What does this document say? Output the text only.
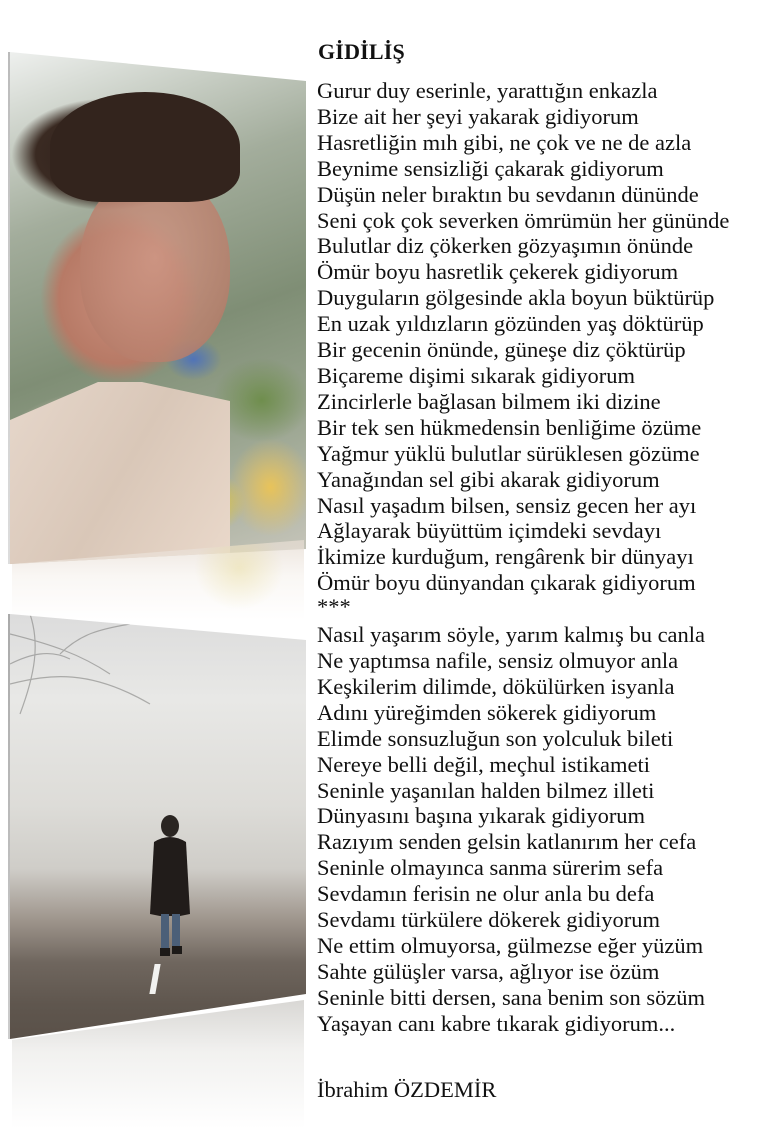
GİDİLİŞ
Gurur duy eserinle, yarattığın enkazla
Bize ait her şeyi yakarak gidiyorum
Hasretliğin mıh gibi, ne çok ve ne de azla
Beynime sensizliği çakarak gidiyorum
Düşün neler bıraktın bu sevdanın dününde
Seni çok çok severken ömrümün her gününde
Bulutlar diz çökerken gözyaşımın önünde
Ömür boyu hasretlik çekerek gidiyorum
Duyguların gölgesinde akla boyun büktürüp
En uzak yıldızların gözünden yaş döktürüp
Bir gecenin önünde, güneşe diz çöktürüp
Biçareme dişimi sıkarak gidiyorum
Zincirlerle bağlasan bilmem iki dizine
Bir tek sen hükmedensin benliğime özüme
Yağmur yüklü bulutlar sürüklesen gözüme
Yanağından sel gibi akarak gidiyorum
Nasıl yaşadım bilsen, sensiz gecen her ayı
Ağlayarak büyüttüm içimdeki sevdayı
İkimize kurduğum, rengârenk bir dünyayı
Ömür boyu dünyandan çıkarak gidiyorum
***
Nasıl yaşarım söyle, yarım kalmış bu canla
Ne yaptımsa nafile, sensiz olmuyor anla
Keşkilerim dilimde, dökülürken isyanla
Adını yüreğimden sökerek gidiyorum
Elimde sonsuzluğun son yolculuk bileti
Nereye belli değil, meçhul istikameti
Seninle yaşanılan halden bilmez illeti
Dünyasını başına yıkarak gidiyorum
Razıyım senden gelsin katlanırım her cefa
Seninle olmayınca sanma sürerim sefa
Sevdamın ferisin ne olur anla bu defa
Sevdamı türkülere dökerek gidiyorum
Ne ettim olmuyorsa, gülmezse eğer yüzüm
Sahte gülüşler varsa, ağlıyor ise özüm
Seninle bitti dersen, sana benim son sözüm
Yaşayan canı kabre tıkarak gidiyorum...
İbrahim ÖZDEMİR
